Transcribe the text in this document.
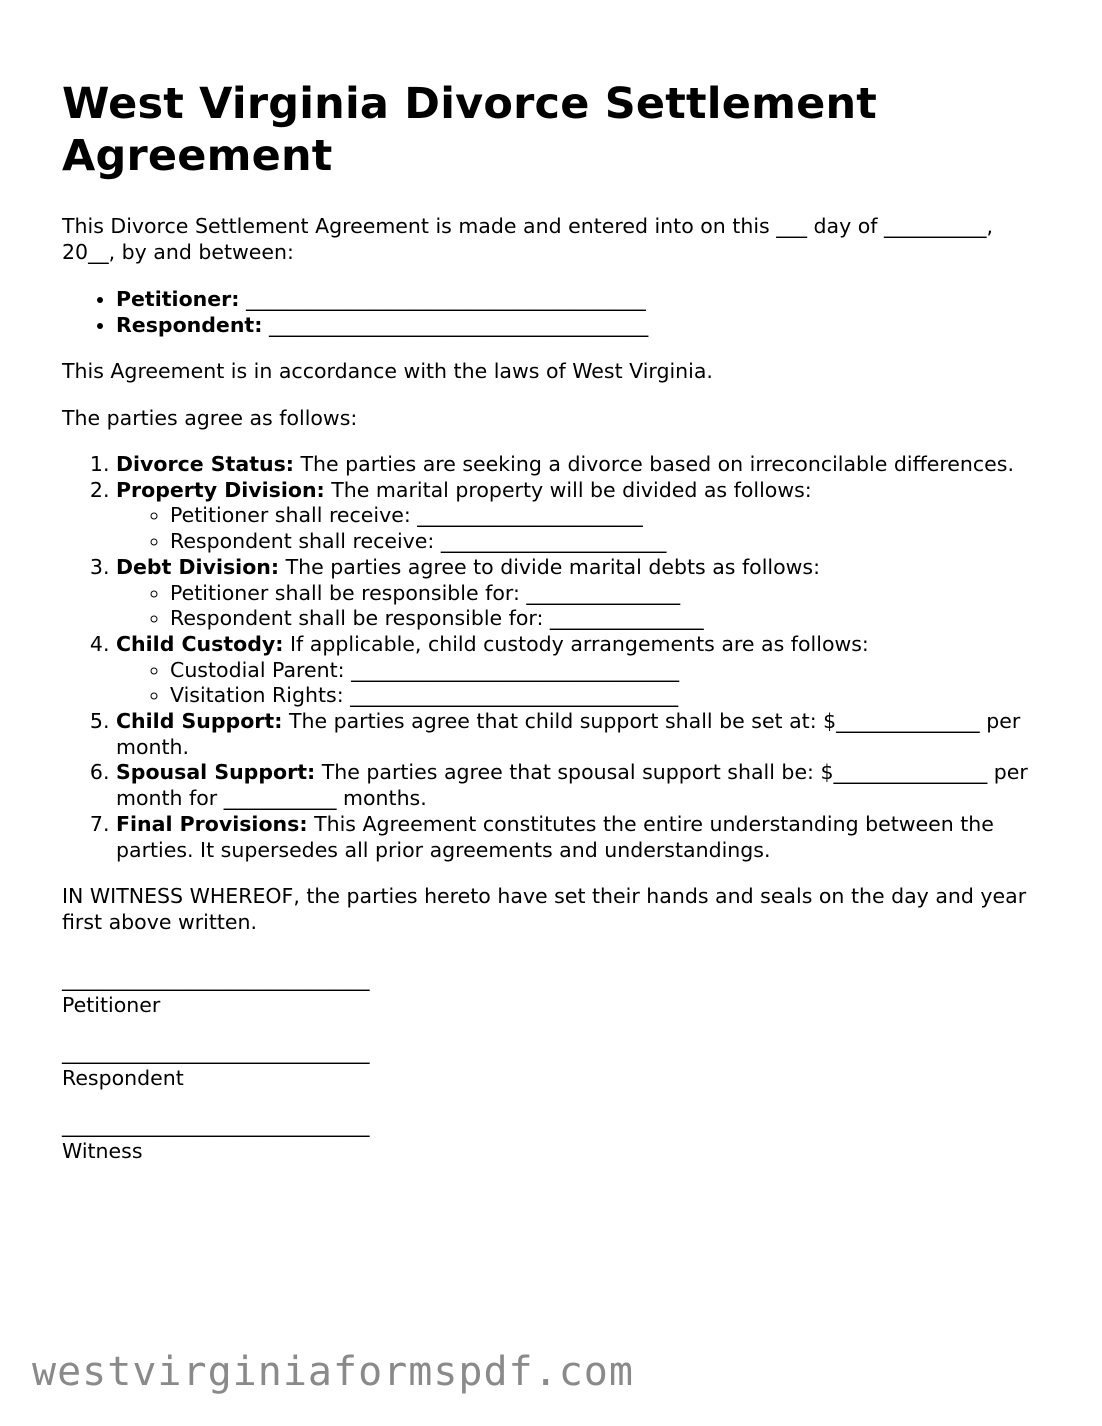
West Virginia Divorce Settlement Agreement

This Divorce Settlement Agreement is made and entered into on this ___ day of __________, 20__, by and between:

• Petitioner: _______________________________________
• Respondent: _____________________________________

This Agreement is in accordance with the laws of West Virginia.

The parties agree as follows:

1. Divorce Status: The parties are seeking a divorce based on irreconcilable differences.
2. Property Division: The marital property will be divided as follows:
◦ Petitioner shall receive: ______________________
◦ Respondent shall receive: ______________________
3. Debt Division: The parties agree to divide marital debts as follows:
◦ Petitioner shall be responsible for: _______________
◦ Respondent shall be responsible for: _______________
4. Child Custody: If applicable, child custody arrangements are as follows:
◦ Custodial Parent: ________________________________
◦ Visitation Rights: ________________________________
5. Child Support: The parties agree that child support shall be set at: $______________ per month.
6. Spousal Support: The parties agree that spousal support shall be: $_______________ per month for ___________ months.
7. Final Provisions: This Agreement constitutes the entire understanding between the parties. It supersedes all prior agreements and understandings.

IN WITNESS WHEREOF, the parties hereto have set their hands and seals on the day and year first above written.

______________________________
Petitioner
______________________________
Respondent
______________________________
Witness
westvirginiaformspdf.com
